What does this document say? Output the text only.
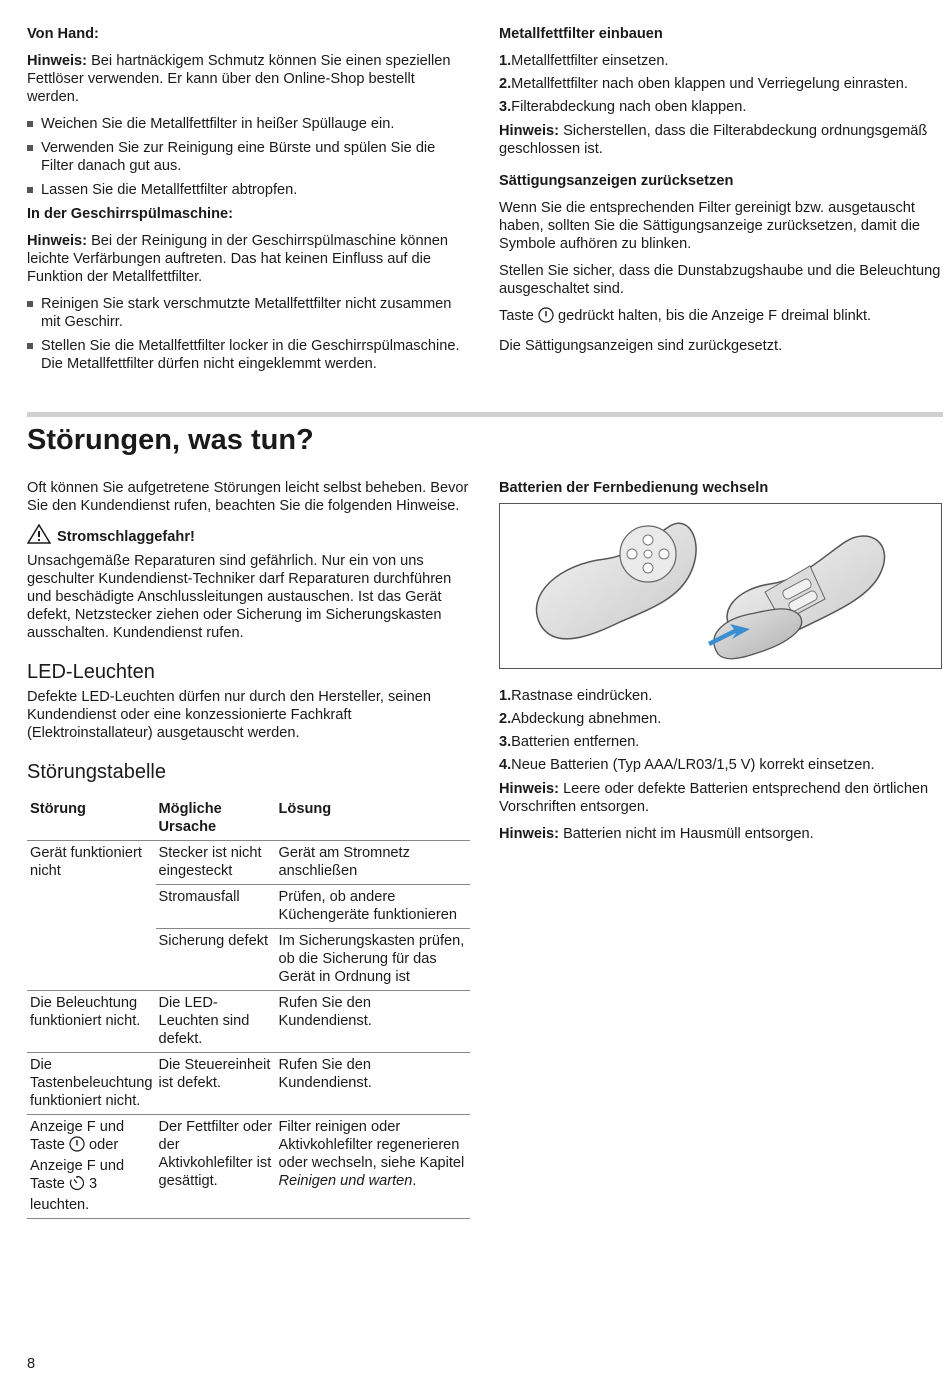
Von Hand:

Hinweis: Bei hartnäckigem Schmutz können Sie einen speziellen Fettlöser verwenden. Er kann über den Online-Shop bestellt werden.

Weichen Sie die Metallfettfilter in heißer Spüllauge ein.
Verwenden Sie zur Reinigung eine Bürste und spülen Sie die Filter danach gut aus.
Lassen Sie die Metallfettfilter abtropfen.

In der Geschirrspülmaschine:

Hinweis: Bei der Reinigung in der Geschirrspülmaschine können leichte Verfärbungen auftreten. Das hat keinen Einfluss auf die Funktion der Metallfettfilter.

Reinigen Sie stark verschmutzte Metallfettfilter nicht zusammen mit Geschirr.
Stellen Sie die Metallfettfilter locker in die Geschirrspülmaschine. Die Metallfettfilter dürfen nicht eingeklemmt werden.

Metallfettfilter einbauen

1.Metallfettfilter einsetzen.
2.Metallfettfilter nach oben klappen und Verriegelung einrasten.
3.Filterabdeckung nach oben klappen.

Hinweis: Sicherstellen, dass die Filterabdeckung ordnungsgemäß geschlossen ist.

Sättigungsanzeigen zurücksetzen

Wenn Sie die entsprechenden Filter gereinigt bzw. ausgetauscht haben, sollten Sie die Sättigungsanzeige zurücksetzen, damit die Symbole aufhören zu blinken.

Stellen Sie sicher, dass die Dunstabzugshaube und die Beleuchtung ausgeschaltet sind.

Taste  gedrückt halten, bis die Anzeige F dreimal blinkt.

Die Sättigungsanzeigen sind zurückgesetzt.

Störungen, was tun?

Oft können Sie aufgetretene Störungen leicht selbst beheben. Bevor Sie den Kundendienst rufen, beachten Sie die folgenden Hinweise.

Stromschlaggefahr!

Unsachgemäße Reparaturen sind gefährlich. Nur ein von uns geschulter Kundendienst-Techniker darf Reparaturen durchführen und beschädigte Anschlussleitungen austauschen. Ist das Gerät defekt, Netzstecker ziehen oder Sicherung im Sicherungskasten ausschalten. Kundendienst rufen.

LED-Leuchten

Defekte LED-Leuchten dürfen nur durch den Hersteller, seinen Kundendienst oder eine konzessionierte Fachkraft (Elektroinstallateur) ausgetauscht werden.

Störungstabelle
Störung	Mögliche Ursache	Lösung
Gerät funktioniert nicht	Stecker ist nicht eingesteckt	Gerät am Stromnetz anschließen
	Stromausfall	Prüfen, ob andere Küchengeräte funktionieren
	Sicherung defekt	Im Sicherungskasten prüfen, ob die Sicherung für das Gerät in Ordnung ist
Die Beleuchtung funktioniert nicht.	Die LED-Leuchten sind defekt.	Rufen Sie den Kundendienst.
Die Tastenbeleuchtung funktioniert nicht.	Die Steuereinheit ist defekt.	Rufen Sie den Kundendienst.
Anzeige F und Taste  oder Anzeige F und Taste  3 leuchten.	Der Fettfilter oder der Aktivkohlefilter ist gesättigt.	Filter reinigen oder Aktivkohlefilter regenerieren oder wechseln, siehe Kapitel Reinigen und warten.

Batterien der Fernbedienung wechseln

1.Rastnase eindrücken.
2.Abdeckung abnehmen.
3.Batterien entfernen.
4.Neue Batterien (Typ AAA/LR03/1,5 V) korrekt einsetzen.

Hinweis: Leere oder defekte Batterien entsprechend den örtlichen Vorschriften entsorgen.

Hinweis: Batterien nicht im Hausmüll entsorgen.

8
